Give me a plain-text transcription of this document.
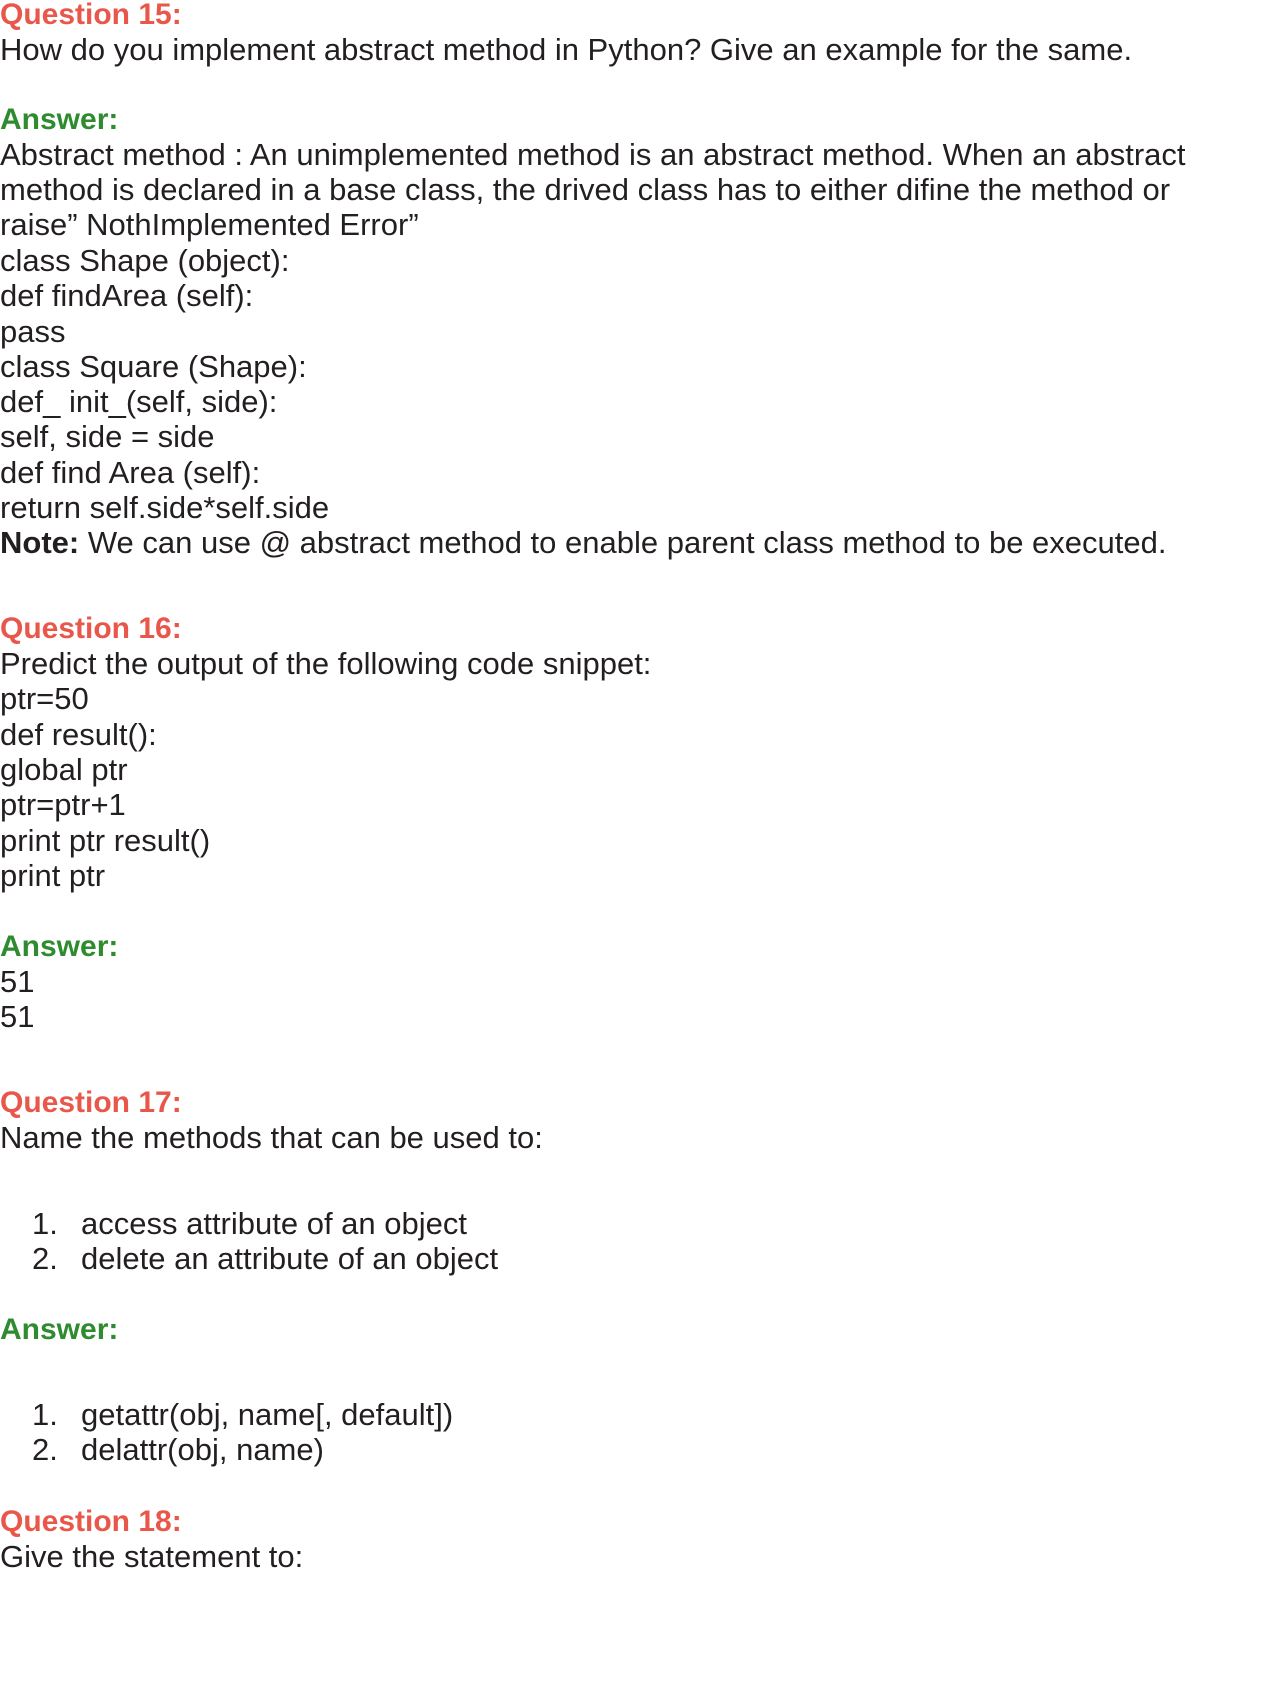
Question 15:
How do you implement abstract method in Python? Give an example for the same.
Answer:
Abstract method : An unimplemented method is an abstract method. When an abstract
method is declared in a base class, the drived class has to either difine the method or
raise” NothImplemented Error”
class Shape (object):
def findArea (self):
pass
class Square (Shape):
def_ init_(self, side):
self, side = side
def find Area (self):
return self.side*self.side
Note: We can use @ abstract method to enable parent class method to be executed.
Question 16:
Predict the output of the following code snippet:
ptr=50
def result():
global ptr
ptr=ptr+1
print ptr result()
print ptr
Answer:
51
51
Question 17:
Name the methods that can be used to:
1. access attribute of an object
2. delete an attribute of an object
Answer:
1. getattr(obj, name[, default])
2. delattr(obj, name)
Question 18:
Give the statement to:
